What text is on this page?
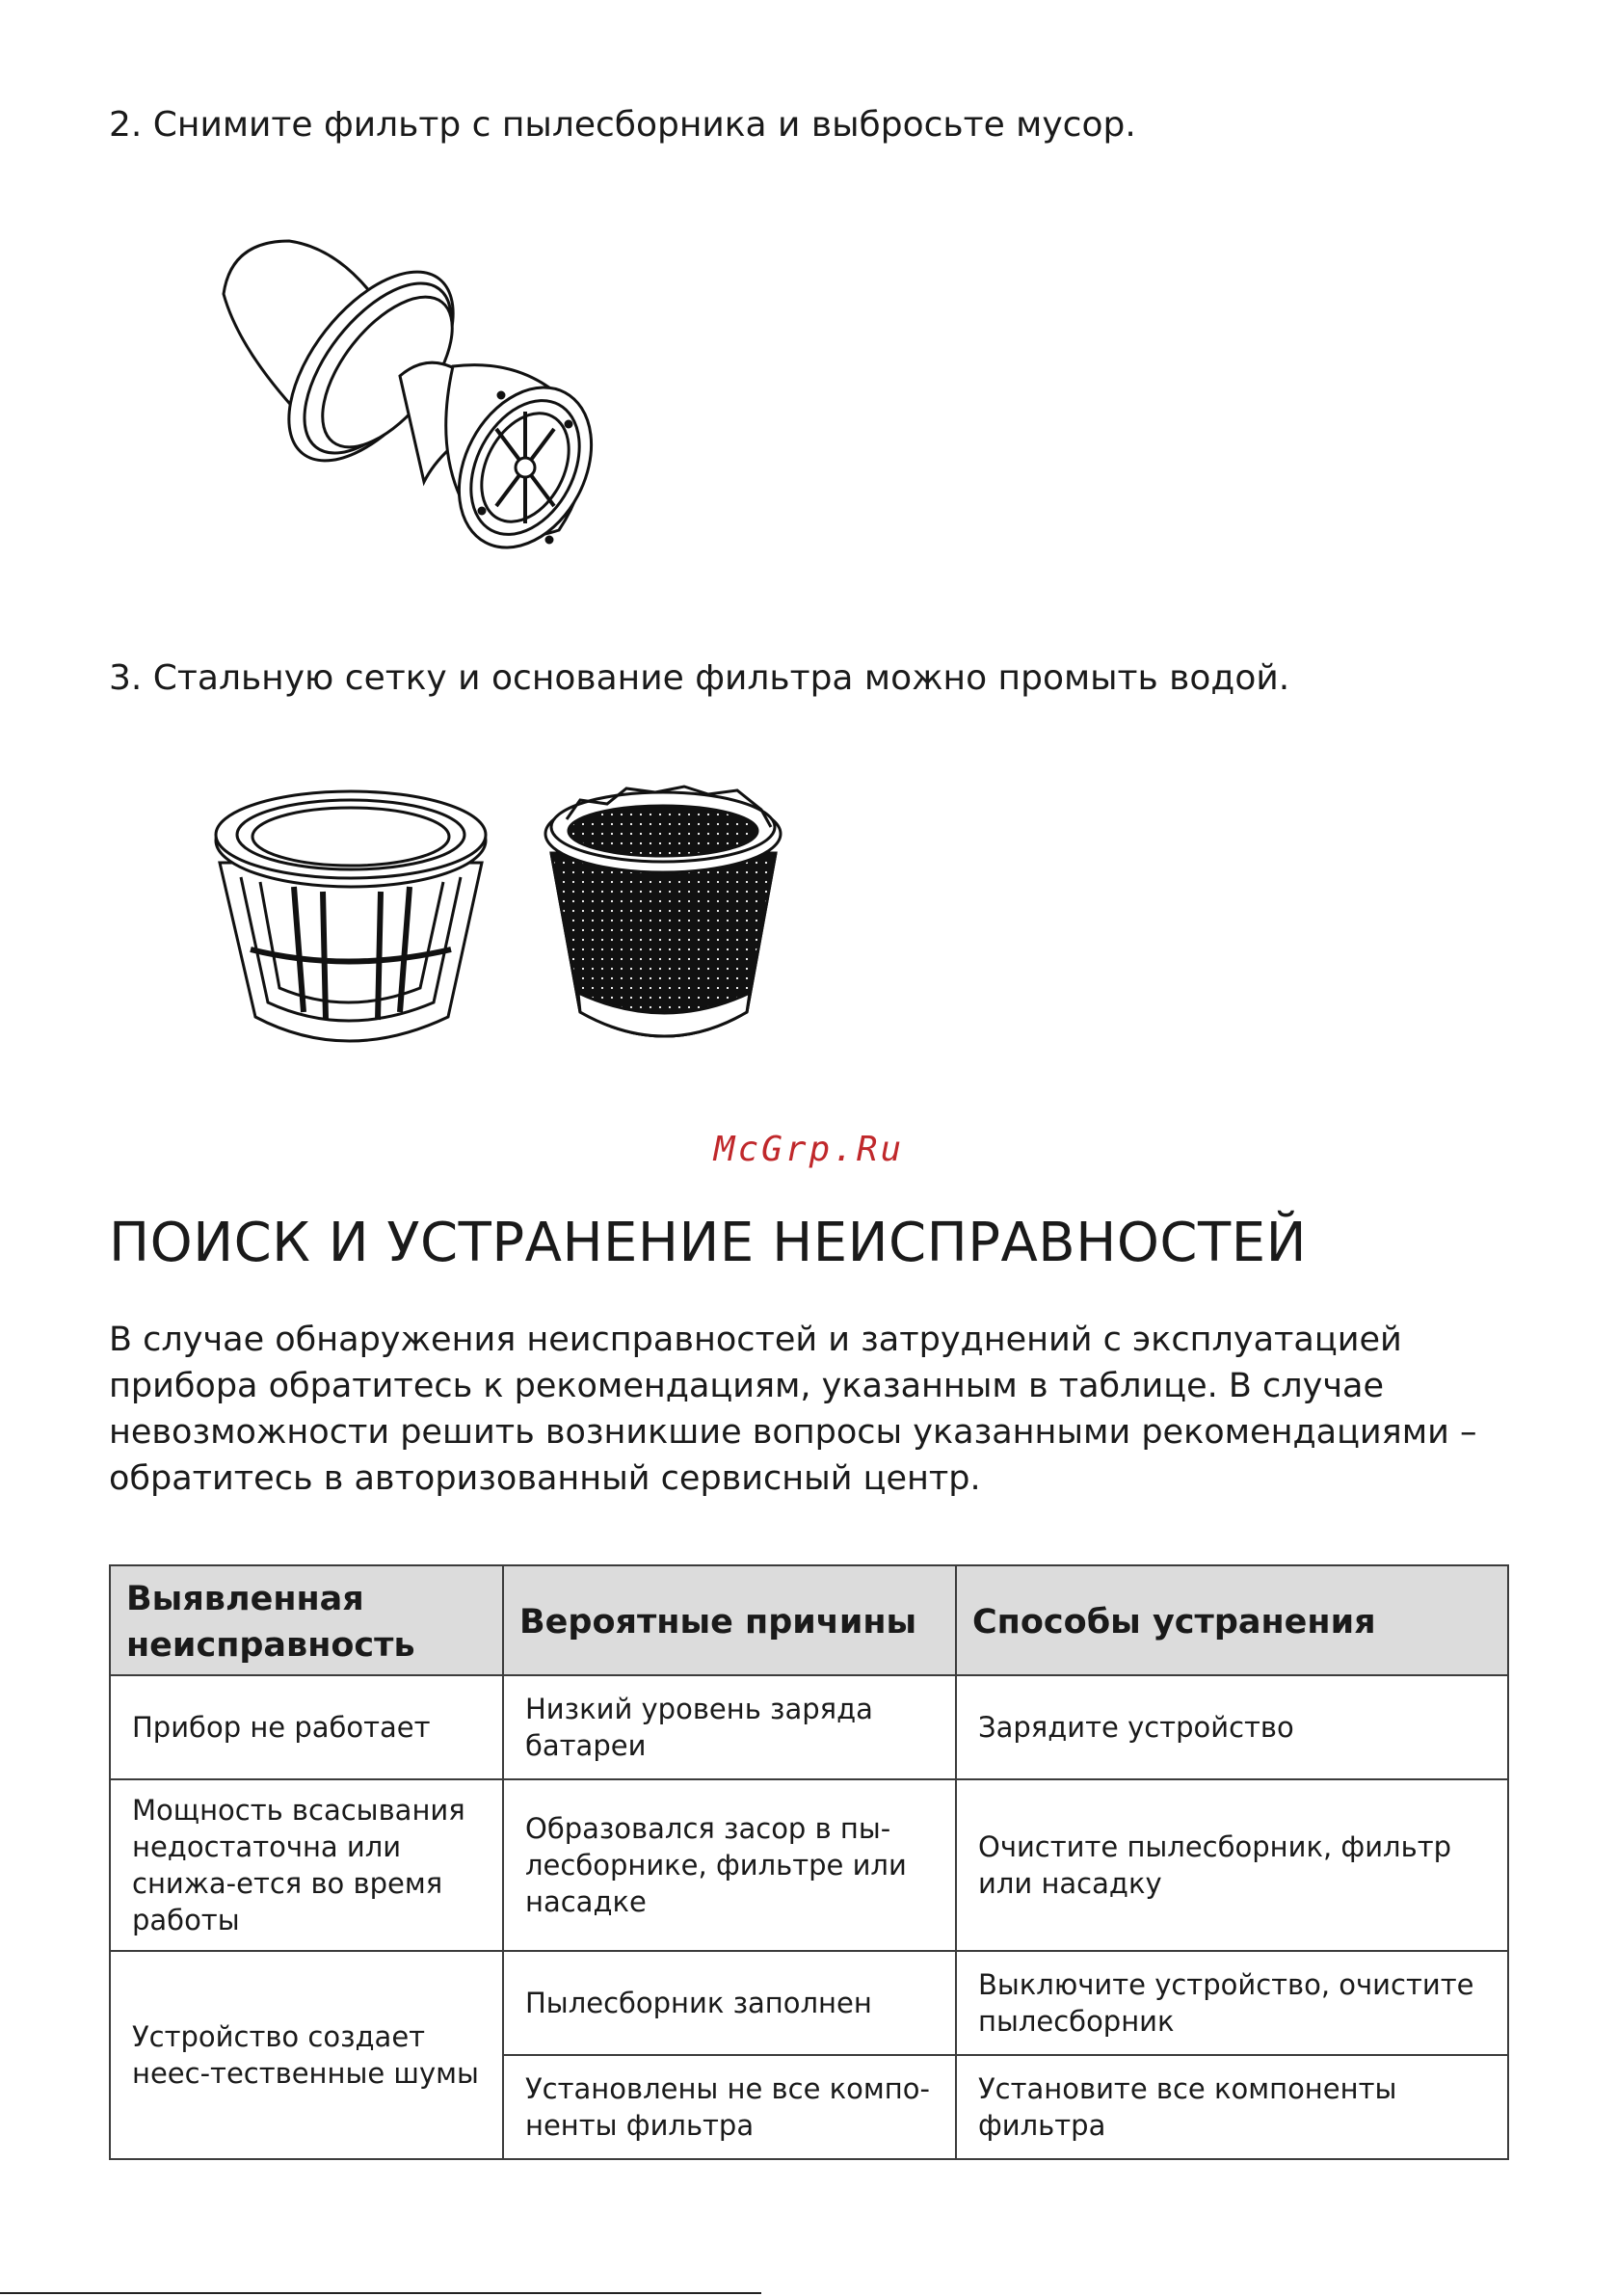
2. Снимите фильтр с пылесборника и выбросьте мусор.
3. Стальную сетку и основание фильтра можно промыть водой.
McGrp.Ru
ПОИСК И УСТРАНЕНИЕ НЕИСПРАВНОСТЕЙ
В случае обнаружения неисправностей и затруднений с эксплуатацией прибора обратитесь к рекомендациям, указанным в таблице. В случае невозможности решить возникшие вопросы указанными рекомендациями – обратитесь в авторизованный сервисный центр.
Выявленная неисправность	Вероятные причины	Способы устранения
Прибор не работает	Низкий уровень заряда батареи	Зарядите устройство
Мощность всасывания недостаточна или снижа-ется во время работы	Образовался засор в пы-лесборнике, фильтре или насадке	Очистите пылесборник, фильтр или насадку
Устройство создает неес-тественные шумы	Пылесборник заполнен	Выключите устройство, очистите пылесборник
	Установлены не все компо-ненты фильтра	Установите все компоненты фильтра
